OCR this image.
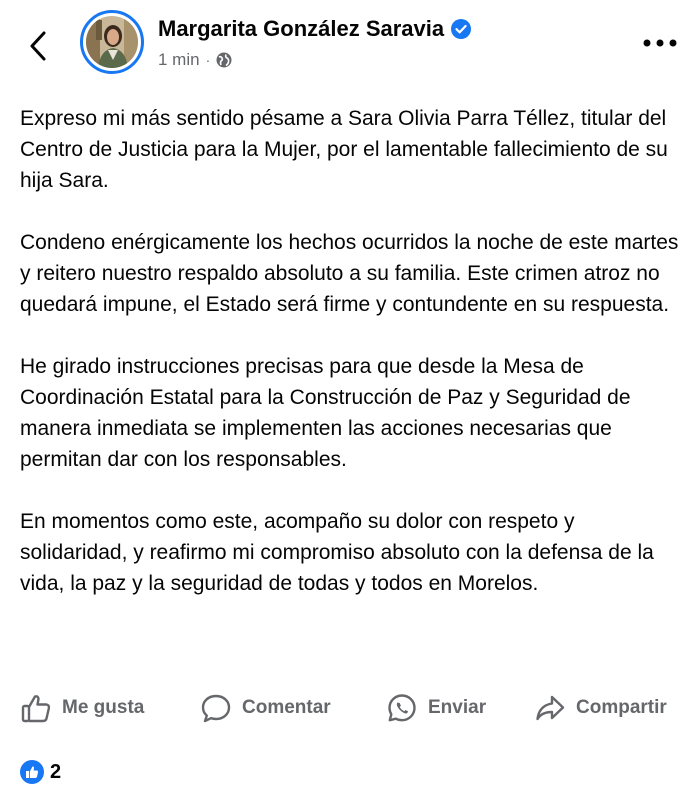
Margarita González Saravia
1 min ·

Expreso mi más sentido pésame a Sara Olivia Parra Téllez, titular del Centro de Justicia para la Mujer, por el lamentable fallecimiento de su hija Sara.

Condeno enérgicamente los hechos ocurridos la noche de este martes y reitero nuestro respaldo absoluto a su familia. Este crimen atroz no quedará impune, el Estado será firme y contundente en su respuesta.

He girado instrucciones precisas para que desde la Mesa de Coordinación Estatal para la Construcción de Paz y Seguridad de manera inmediata se implementen las acciones necesarias que permitan dar con los responsables.

En momentos como este, acompaño su dolor con respeto y solidaridad, y reafirmo mi compromiso absoluto con la defensa de la vida, la paz y la seguridad de todas y todos en Morelos.

Me gusta	Comentar	Enviar	Compartir
2
